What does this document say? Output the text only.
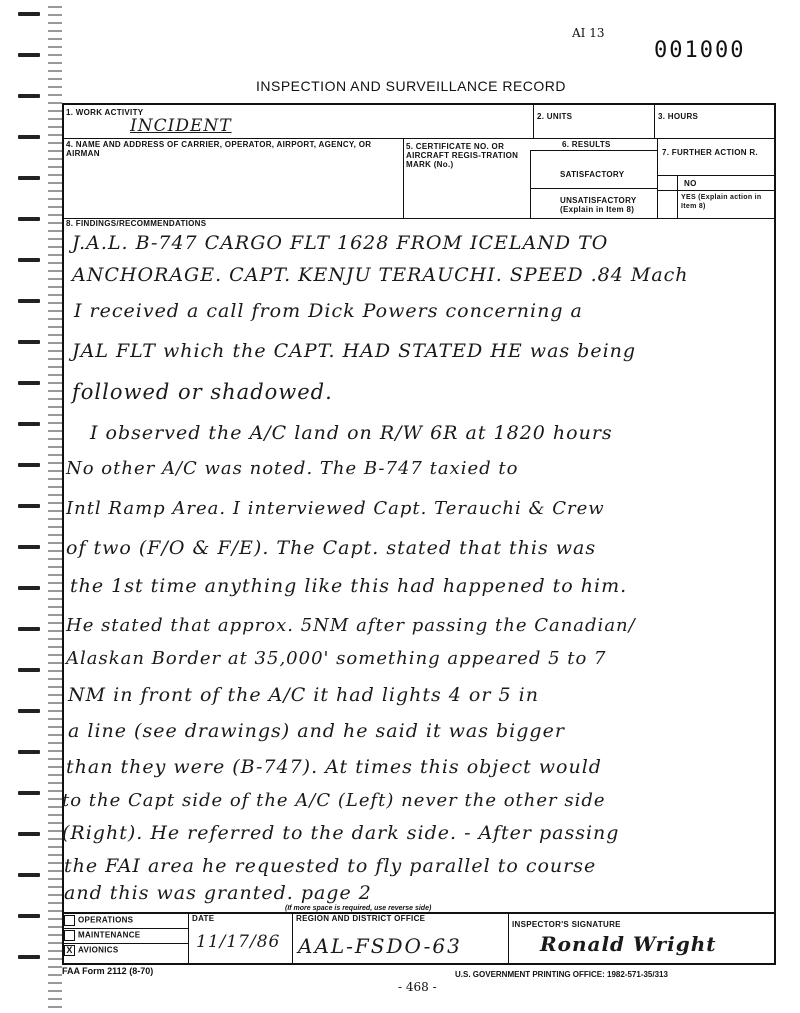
AI 13
001000
INSPECTION AND SURVEILLANCE RECORD
1. WORK ACTIVITY
INCIDENT	2. UNITS	3. HOURS
4. NAME AND ADDRESS OF CARRIER, OPERATOR, AIRPORT, AGENCY, OR AIRMAN
5. CERTIFICATE NO. OR AIRCRAFT REGIS-TRATION MARK (No.)
6. RESULTS
SATISFACTORY
UNSATISFACTORY (Explain in Item 8)
7. FURTHER ACTION R.
NO
YES (Explain action in Item 8)
8. FINDINGS/RECOMMENDATIONS
J.A.L. B-747 CARGO FLT 1628 FROM ICELAND TO
ANCHORAGE. CAPT. KENJU TERAUCHI. SPEED .84 Mach
I received a call from Dick Powers concerning a
JAL FLT which the CAPT. HAD STATED HE was being
followed or shadowed.
I observed the A/C land on R/W 6R at 1820 hours
No other A/C was noted. The B-747 taxied to
Intl Ramp Area. I interviewed Capt. Terauchi & Crew
of two (F/O & F/E). The Capt. stated that this was
the 1st time anything like this had happened to him.
He stated that approx. 5NM after passing the Canadian/
Alaskan Border at 35,000' something appeared 5 to 7
NM in front of the A/C it had lights 4 or 5 in
a line (see drawings) and he said it was bigger
than they were (B-747). At times this object would
to the Capt side of the A/C (Left) never the other side
(Right). He referred to the dark side. - After passing
the FAI area he requested to fly parallel to course
and this was granted. page 2
(If more space is required, use reverse side)
OPERATIONS
MAINTENANCE
X AVIONICS
DATE
11/17/86
REGION AND DISTRICT OFFICE
AAL-FSDO-63
INSPECTOR'S SIGNATURE
Ronald Wright
FAA Form 2112 (8-70)	U.S. GOVERNMENT PRINTING OFFICE: 1982-571-35/313
- 468 -
